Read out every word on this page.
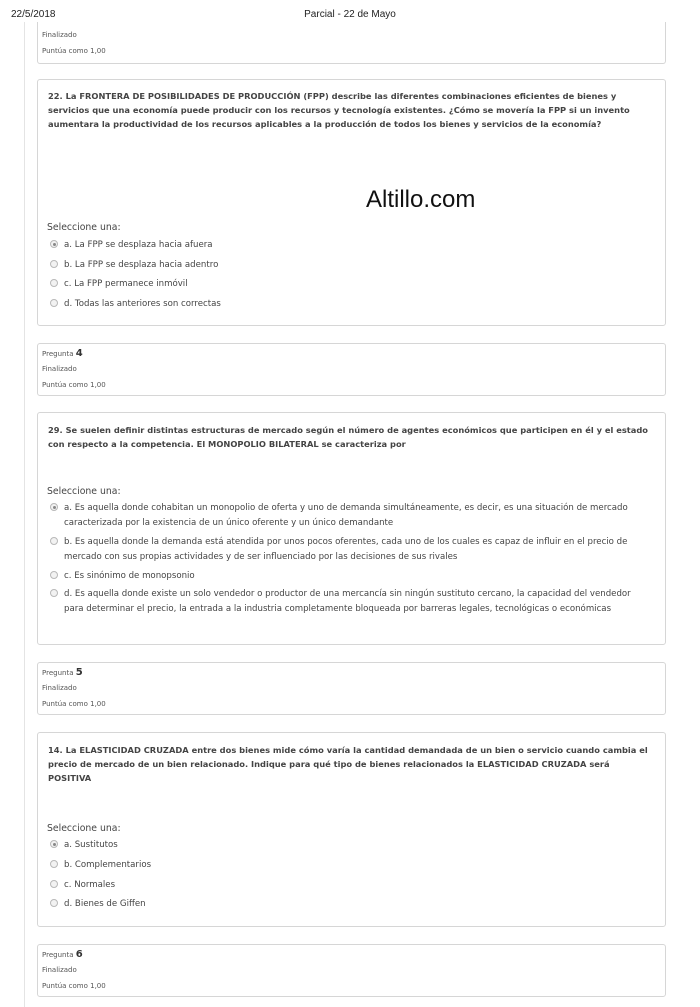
22/5/2018	Parcial - 22 de Mayo
Finalizado
Puntúa como 1,00
22. La FRONTERA DE POSIBILIDADES DE PRODUCCIÓN (FPP) describe las diferentes combinaciones eficientes de bienes y servicios que una economía puede producir con los recursos y tecnología existentes. ¿Cómo se movería la FPP si un invento aumentara la productividad de los recursos aplicables a la producción de todos los bienes y servicios de la economía?
Seleccione una:
a. La FPP se desplaza hacia afuera
b. La FPP se desplaza hacia adentro
c. La FPP permanece inmóvil
d. Todas las anteriores son correctas
Altillo.com
Pregunta 4
Finalizado
Puntúa como 1,00
29. Se suelen definir distintas estructuras de mercado según el número de agentes económicos que participen en él y el estado con respecto a la competencia. El MONOPOLIO BILATERAL se caracteriza por
Seleccione una:
a. Es aquella donde cohabitan un monopolio de oferta y uno de demanda simultáneamente, es decir, es una situación de mercado caracterizada por la existencia de un único oferente y un único demandante
b. Es aquella donde la demanda está atendida por unos pocos oferentes, cada uno de los cuales es capaz de influir en el precio de mercado con sus propias actividades y de ser influenciado por las decisiones de sus rivales
c. Es sinónimo de monopsonio
d. Es aquella donde existe un solo vendedor o productor de una mercancía sin ningún sustituto cercano, la capacidad del vendedor para determinar el precio, la entrada a la industria completamente bloqueada por barreras legales, tecnológicas o económicas
Pregunta 5
Finalizado
Puntúa como 1,00
14. La ELASTICIDAD CRUZADA entre dos bienes mide cómo varía la cantidad demandada de un bien o servicio cuando cambia el precio de mercado de un bien relacionado. Indique para qué tipo de bienes relacionados la ELASTICIDAD CRUZADA será POSITIVA
Seleccione una:
a. Sustitutos
b. Complementarios
c. Normales
d. Bienes de Giffen
Pregunta 6
Finalizado
Puntúa como 1,00
